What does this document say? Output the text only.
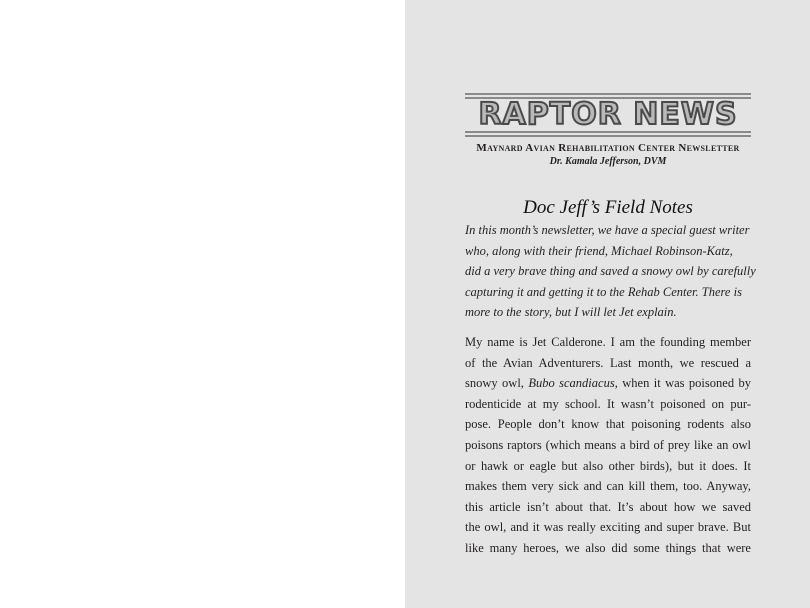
RAPTOR NEWS
Maynard Avian Rehabilitation Center Newsletter
Dr. Kamala Jefferson, DVM
Doc Jeff’s Field Notes

In this month’s newsletter, we have a special guest writer
who, along with their friend, Michael Robinson-Katz,
did a very brave thing and saved a snowy owl by carefully
capturing it and getting it to the Rehab Center. There is
more to the story, but I will let Jet explain.

My name is Jet Calderone. I am the founding member
of the Avian Adventurers. Last month, we rescued a
snowy owl, Bubo scandiacus, when it was poisoned by
rodenticide at my school. It wasn’t poisoned on pur-
pose. People don’t know that poisoning rodents also
poisons raptors (which means a bird of prey like an owl
or hawk or eagle but also other birds), but it does. It
makes them very sick and can kill them, too. Anyway,
this article isn’t about that. It’s about how we saved
the owl, and it was really exciting and super brave. But
like many heroes, we also did some things that were
